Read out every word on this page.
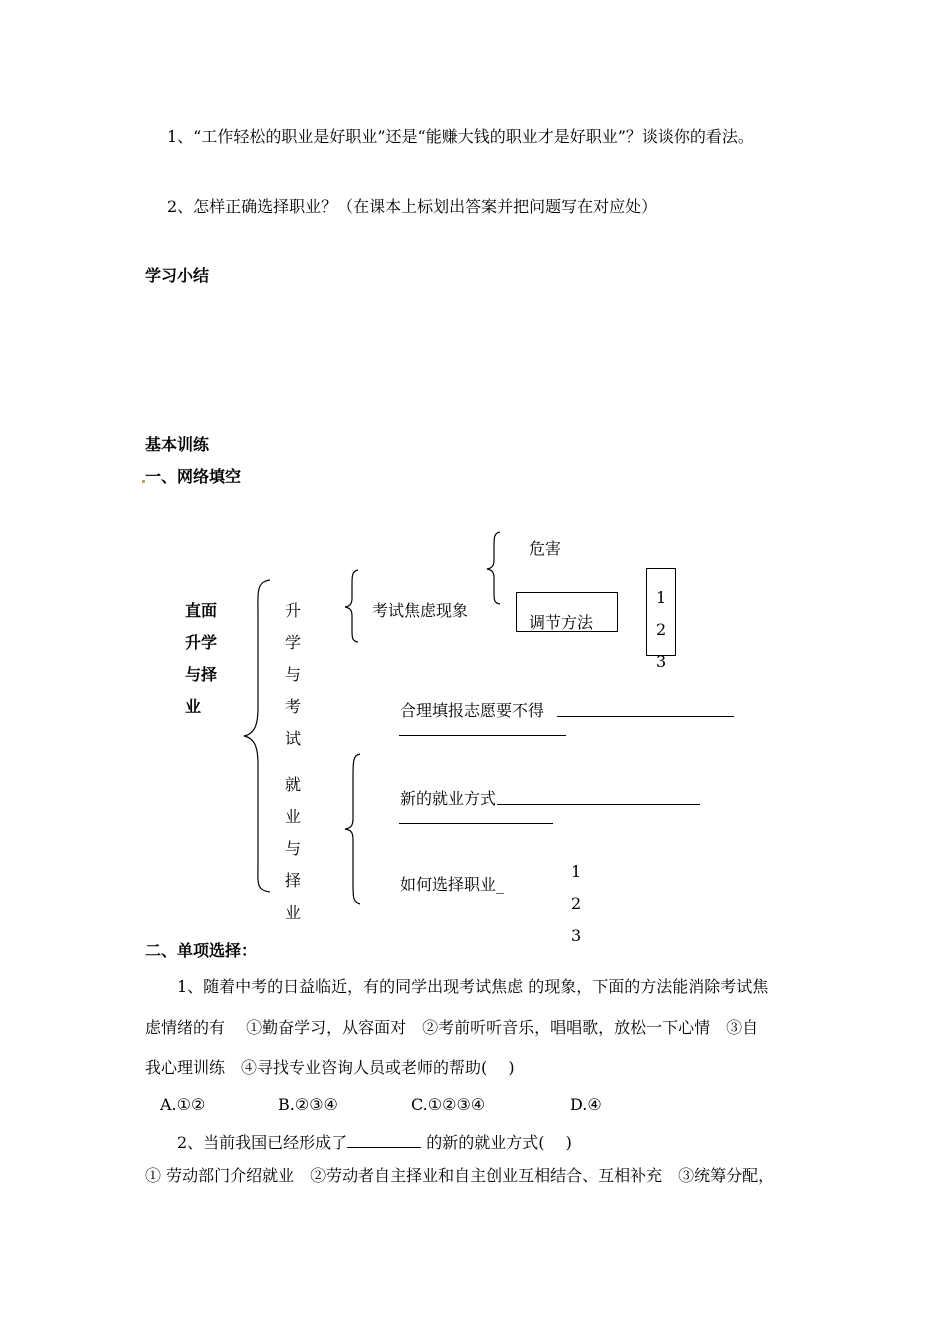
1、“工作轻松的职业是好职业”还是“能赚大钱的职业才是好职业”？谈谈你的看法。
2、怎样正确选择职业？（在课本上标划出答案并把问题写在对应处）
学习小结
基本训练
一、网络填空
直面
升学
与择
业
升
学
与
考
试
就
业
与
择
业
考试焦虑现象
危害
调节方法
1
2
3
合理填报志愿要不得
新的就业方式
如何选择职业_
1
2
3
二、单项选择：
1、随着中考的日益临近，有的同学出现考试焦虑 的现象，下面的方法能消除考试焦
虑情绪的有　 ①勤奋学习，从容面对　②考前听听音乐，唱唱歌，放松一下心情　③自
我心理训练　④寻找专业咨询人员或老师的帮助(　 )
A.①②	B.②③④	C.①②③④	D.④
2、当前我国已经形成了	的新的就业方式(　 )
① 劳动部门介绍就业　②劳动者自主择业和自主创业互相结合、互相补充　③统筹分配，
